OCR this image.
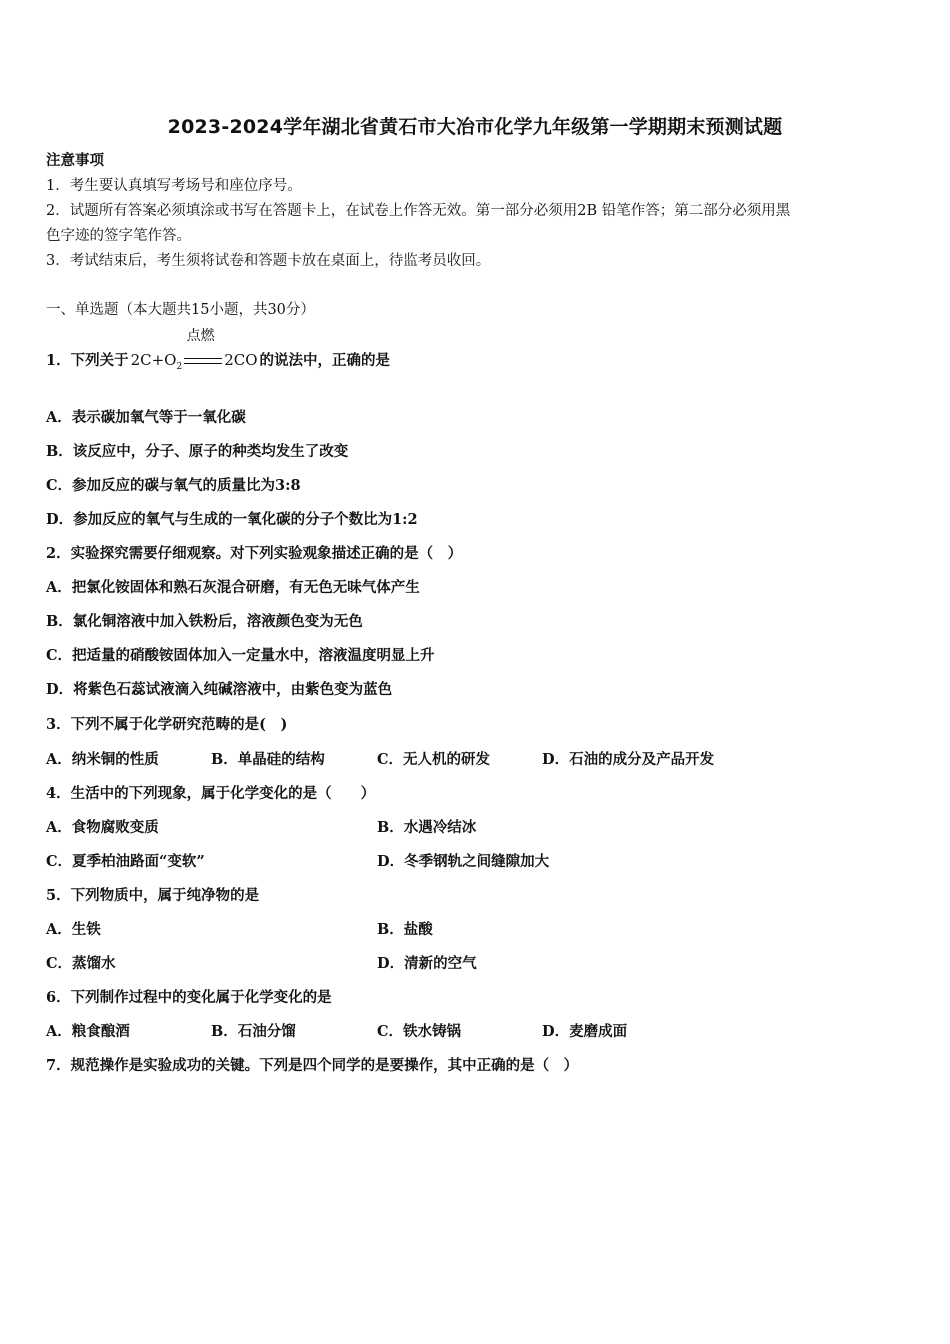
2023-2024学年湖北省黄石市大冶市化学九年级第一学期期末预测试题
注意事项
1．考生要认真填写考场号和座位序号。
2．试题所有答案必须填涂或书写在答题卡上，在试卷上作答无效。第一部分必须用2B 铅笔作答；第二部分必须用黑
色字迹的签字笔作答。
3．考试结束后，考生须将试卷和答题卡放在桌面上，待监考员收回。
一、单选题（本大题共15小题，共30分）
1．下列关于 $2C+O_2$
点燃
2CO 的说法中，正确的是
A．表示碳加氧气等于一氧化碳
B．该反应中，分子、原子的种类均发生了改变
C．参加反应的碳与氧气的质量比为3:8
D．参加反应的氧气与生成的一氧化碳的分子个数比为1:2
2．实验探究需要仔细观察。对下列实验观象描述正确的是（　）
A．把氯化铵固体和熟石灰混合研磨，有无色无味气体产生
B．氯化铜溶液中加入铁粉后，溶液颜色变为无色
C．把适量的硝酸铵固体加入一定量水中，溶液温度明显上升
D．将紫色石蕊试液滴入纯碱溶液中，由紫色变为蓝色
3．下列不属于化学研究范畴的是(　)
A．纳米铜的性质	B．单晶硅的结构	C．无人机的研发	D．石油的成分及产品开发
4．生活中的下列现象，属于化学变化的是（　　）
A．食物腐败变质	B．水遇冷结冰
C．夏季柏油路面“变软”	D．冬季钢轨之间缝隙加大
5．下列物质中，属于纯净物的是
A．生铁	B．盐酸
C．蒸馏水	D．清新的空气
6．下列制作过程中的变化属于化学变化的是
A．粮食酿酒	B．石油分馏	C．铁水铸锅	D．麦磨成面
7．规范操作是实验成功的关键。下列是四个同学的是要操作，其中正确的是（　）
